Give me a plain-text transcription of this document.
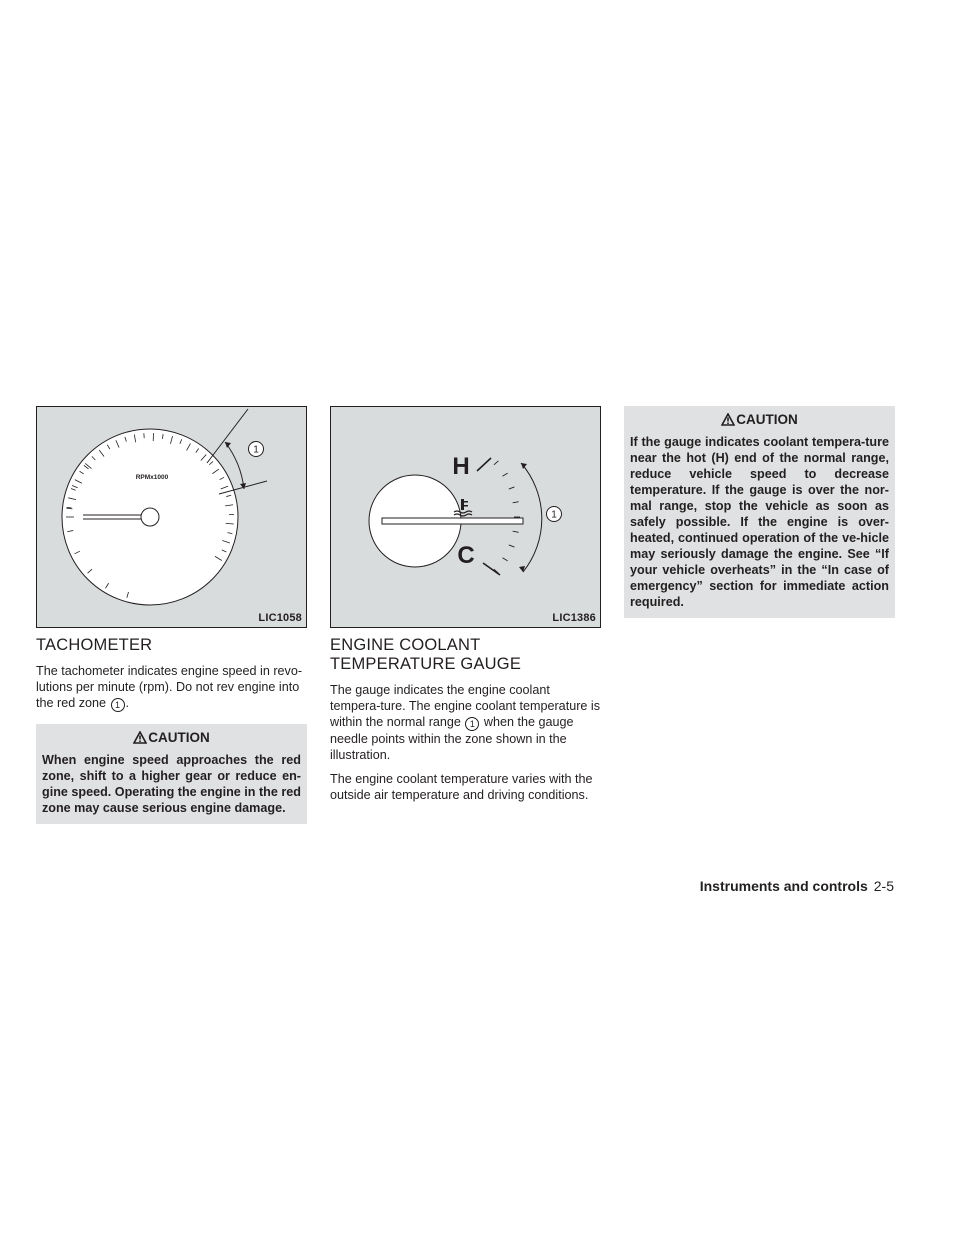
RPMx1000
1
LIC1058
TACHOMETER

The tachometer indicates engine speed in revo-lutions per minute (rpm). Do not rev engine into the red zone 1 .

CAUTION
When engine speed approaches the red zone, shift to a higher gear or reduce en-gine speed. Operating the engine in the red zone may cause serious engine damage.
H
C
1
LIC1386
ENGINE COOLANT TEMPERATURE GAUGE

The gauge indicates the engine coolant tempera-ture. The engine coolant temperature is within the normal range 1 when the gauge needle points within the zone shown in the illustration.

The engine coolant temperature varies with the outside air temperature and driving conditions.

CAUTION
If the gauge indicates coolant tempera-ture near the hot (H) end of the normal range, reduce vehicle speed to decrease temperature. If the gauge is over the nor-mal range, stop the vehicle as soon as safely possible. If the engine is over-heated, continued operation of the ve-hicle may seriously damage the engine. See “If your vehicle overheats” in the “In case of emergency” section for immediate action required.
Instruments and controls 2-5
